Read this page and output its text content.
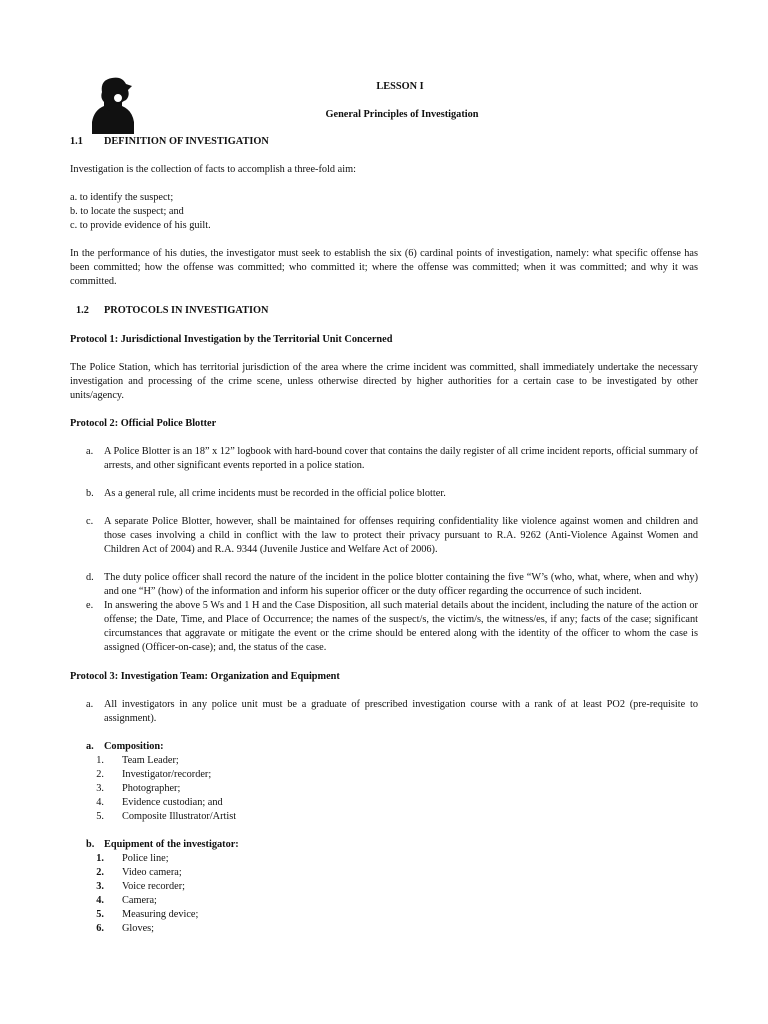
LESSON I
General Principles of Investigation
1.1 DEFINITION OF INVESTIGATION
Investigation is the collection of facts to accomplish a three-fold aim:
a. to identify the suspect;
b. to locate the suspect; and
c. to provide evidence of his guilt.
In the performance of his duties, the investigator must seek to establish the six (6) cardinal points of investigation, namely: what specific offense has been committed; how the offense was committed; who committed it; where the offense was committed; when it was committed; and why it was committed.
1.2 PROTOCOLS IN INVESTIGATION
Protocol 1: Jurisdictional Investigation by the Territorial Unit Concerned
The Police Station, which has territorial jurisdiction of the area where the crime incident was committed, shall immediately undertake the necessary investigation and processing of the crime scene, unless otherwise directed by higher authorities for a certain case to be investigated by other units/agency.
Protocol 2: Official Police Blotter
a.	A Police Blotter is an 18” x 12” logbook with hard-bound cover that contains the daily register of all crime incident reports, official summary of arrests, and other significant events reported in a police station.
b. As a general rule, all crime incidents must be recorded in the official police blotter.
c.	A separate Police Blotter, however, shall be maintained for offenses requiring confidentiality like violence against women and children and those cases involving a child in conflict with the law to protect their privacy pursuant to R.A. 9262 (Anti-Violence Against Women and Children Act of 2004) and R.A. 9344 (Juvenile Justice and Welfare Act of 2006).
d. The duty police officer shall record the nature of the incident in the police blotter containing the five “W’s (who, what, where, when and why) and one “H” (how) of the information and inform his superior officer or the duty officer regarding the occurrence of such incident.
e.	In answering the above 5 Ws and 1 H and the Case Disposition, all such material details about the incident, including the nature of the action or offense; the Date, Time, and Place of Occurrence; the names of the suspect/s, the victim/s, the witness/es, if any; facts of the case; significant circumstances that aggravate or mitigate the event or the crime should be entered along with the identity of the officer to whom the case is assigned (Officer-on-case); and, the status of the case.
Protocol 3: Investigation Team: Organization and Equipment
a.	All investigators in any police unit must be a graduate of prescribed investigation course with a rank of at least PO2 (pre-requisite to assignment).
a. Composition:
1. Team Leader;
2. Investigator/recorder;
3. Photographer;
4. Evidence custodian; and
5. Composite Illustrator/Artist
b. Equipment of the investigator:
1. Police line;
2. Video camera;
3. Voice recorder;
4. Camera;
5. Measuring device;
6. Gloves;
